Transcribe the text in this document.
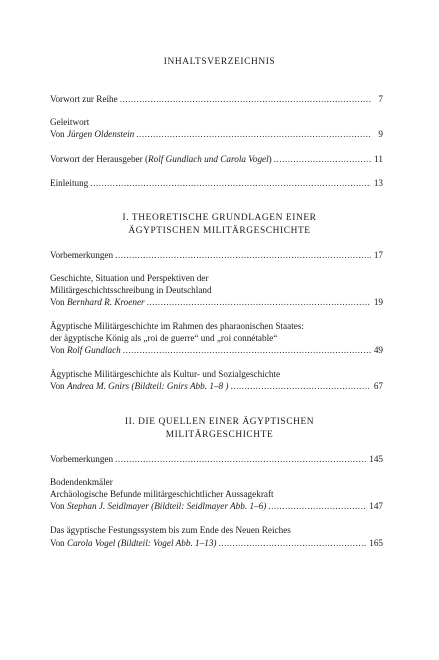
INHALTSVERZEICHNIS
Vorwort zur Reihe .....	7
Geleitwort
Von Jürgen Oldenstein .....	9
Vorwort der Herausgeber (Rolf Gundlach und Carola Vogel) .....	11
Einleitung .....	13
I. THEORETISCHE GRUNDLAGEN EINER
ÄGYPTISCHEN MILITÄRGESCHICHTE
Vorbemerkungen .....	17
Geschichte, Situation und Perspektiven der
Militärgeschichtsschreibung in Deutschland
Von Bernhard R. Kroener .....	19
Ägyptische Militärgeschichte im Rahmen des pharaonischen Staates:
der ägyptische König als „roi de guerre“ und „roi connétable“
Von Rolf Gundlach .....	49
Ägyptische Militärgeschichte als Kultur- und Sozialgeschichte
Von Andrea M. Gnirs (Bildteil: Gnirs Abb. 1–8 ) .....	67
II. DIE QUELLEN EINER ÄGYPTISCHEN
MILITÄRGESCHICHTE
Vorbemerkungen .....	145
Bodendenkmäler
Archäologische Befunde militärgeschichtlicher Aussagekraft
Von Stephan J. Seidlmayer (Bildteil: Seidlmayer Abb. 1–6) .....	147
Das ägyptische Festungssystem bis zum Ende des Neuen Reiches
Von Carola Vogel (Bildteil: Vogel Abb. 1–13) .....	165
